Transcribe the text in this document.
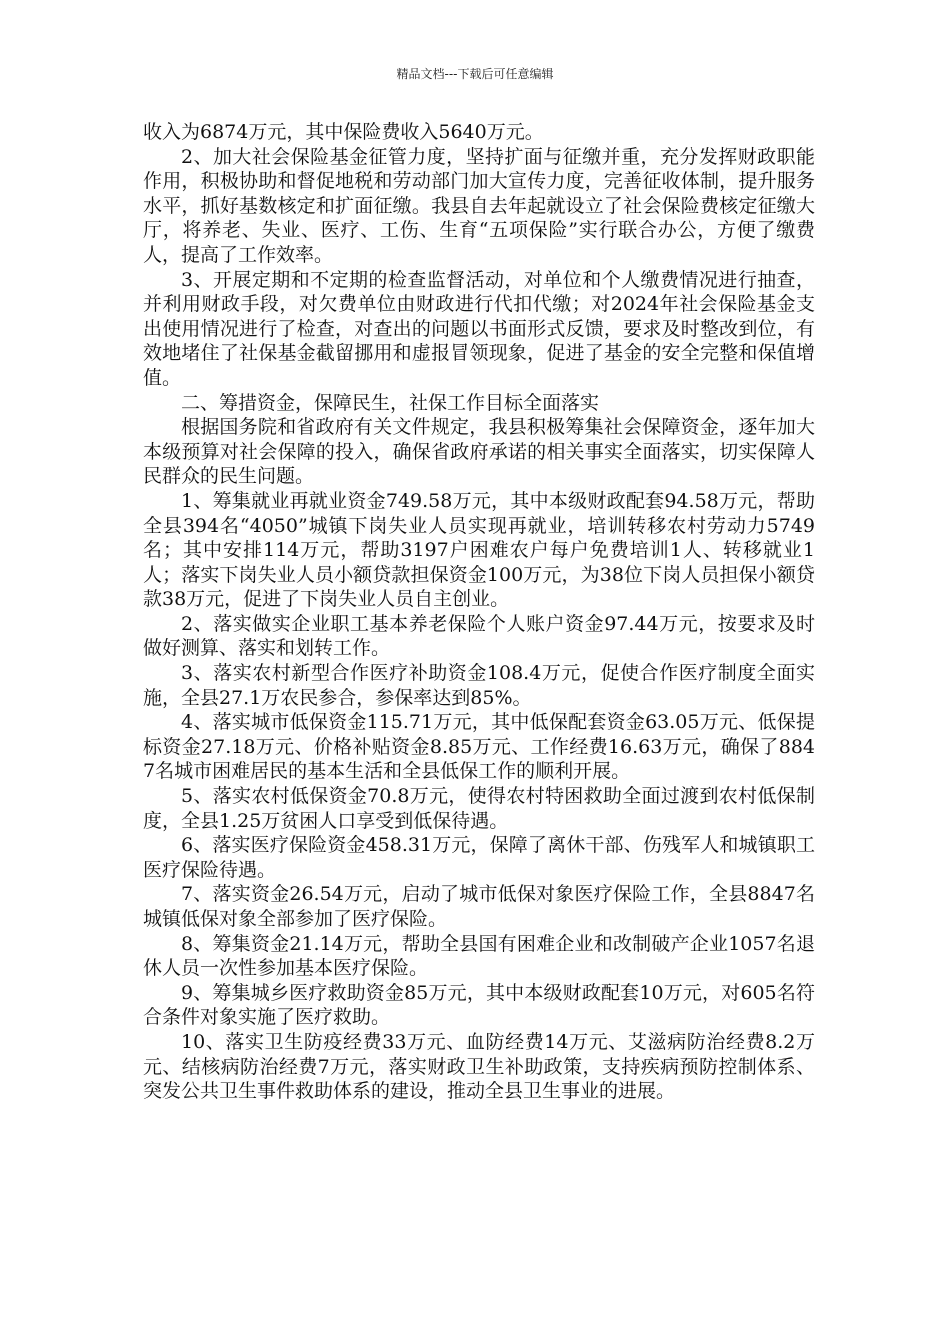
精品文档---下载后可任意编辑

收入为6874万元，其中保险费收入5640万元。

2、加大社会保险基金征管力度，坚持扩面与征缴并重，充分发挥财政职能作用，积极协助和督促地税和劳动部门加大宣传力度，完善征收体制，提升服务水平，抓好基数核定和扩面征缴。我县自去年起就设立了社会保险费核定征缴大厅，将养老、失业、医疗、工伤、生育“五项保险”实行联合办公，方便了缴费人，提高了工作效率。

3、开展定期和不定期的检查监督活动，对单位和个人缴费情况进行抽查，并利用财政手段，对欠费单位由财政进行代扣代缴；对2024年社会保险基金支出使用情况进行了检查，对查出的问题以书面形式反馈，要求及时整改到位，有效地堵住了社保基金截留挪用和虚报冒领现象，促进了基金的安全完整和保值增值。

二、筹措资金，保障民生，社保工作目标全面落实

根据国务院和省政府有关文件规定，我县积极筹集社会保障资金，逐年加大本级预算对社会保障的投入，确保省政府承诺的相关事实全面落实，切实保障人民群众的民生问题。

1、筹集就业再就业资金749.58万元，其中本级财政配套94.58万元，帮助全县394名“4050”城镇下岗失业人员实现再就业，培训转移农村劳动力5749名；其中安排114万元，帮助3197户困难农户每户免费培训1人、转移就业1人；落实下岗失业人员小额贷款担保资金100万元，为38位下岗人员担保小额贷款38万元，促进了下岗失业人员自主创业。

2、落实做实企业职工基本养老保险个人账户资金97.44万元，按要求及时做好测算、落实和划转工作。

3、落实农村新型合作医疗补助资金108.4万元，促使合作医疗制度全面实施，全县27.1万农民参合，参保率达到85%。

4、落实城市低保资金115.71万元，其中低保配套资金63.05万元、低保提标资金27.18万元、价格补贴资金8.85万元、工作经费16.63万元，确保了8847名城市困难居民的基本生活和全县低保工作的顺利开展。

5、落实农村低保资金70.8万元，使得农村特困救助全面过渡到农村低保制度，全县1.25万贫困人口享受到低保待遇。

6、落实医疗保险资金458.31万元，保障了离休干部、伤残军人和城镇职工医疗保险待遇。

7、落实资金26.54万元，启动了城市低保对象医疗保险工作，全县8847名城镇低保对象全部参加了医疗保险。

8、筹集资金21.14万元，帮助全县国有困难企业和改制破产企业1057名退休人员一次性参加基本医疗保险。

9、筹集城乡医疗救助资金85万元，其中本级财政配套10万元，对605名符合条件对象实施了医疗救助。

10、落实卫生防疫经费33万元、血防经费14万元、艾滋病防治经费8.2万元、结核病防治经费7万元，落实财政卫生补助政策，支持疾病预防控制体系、突发公共卫生事件救助体系的建设，推动全县卫生事业的进展。
